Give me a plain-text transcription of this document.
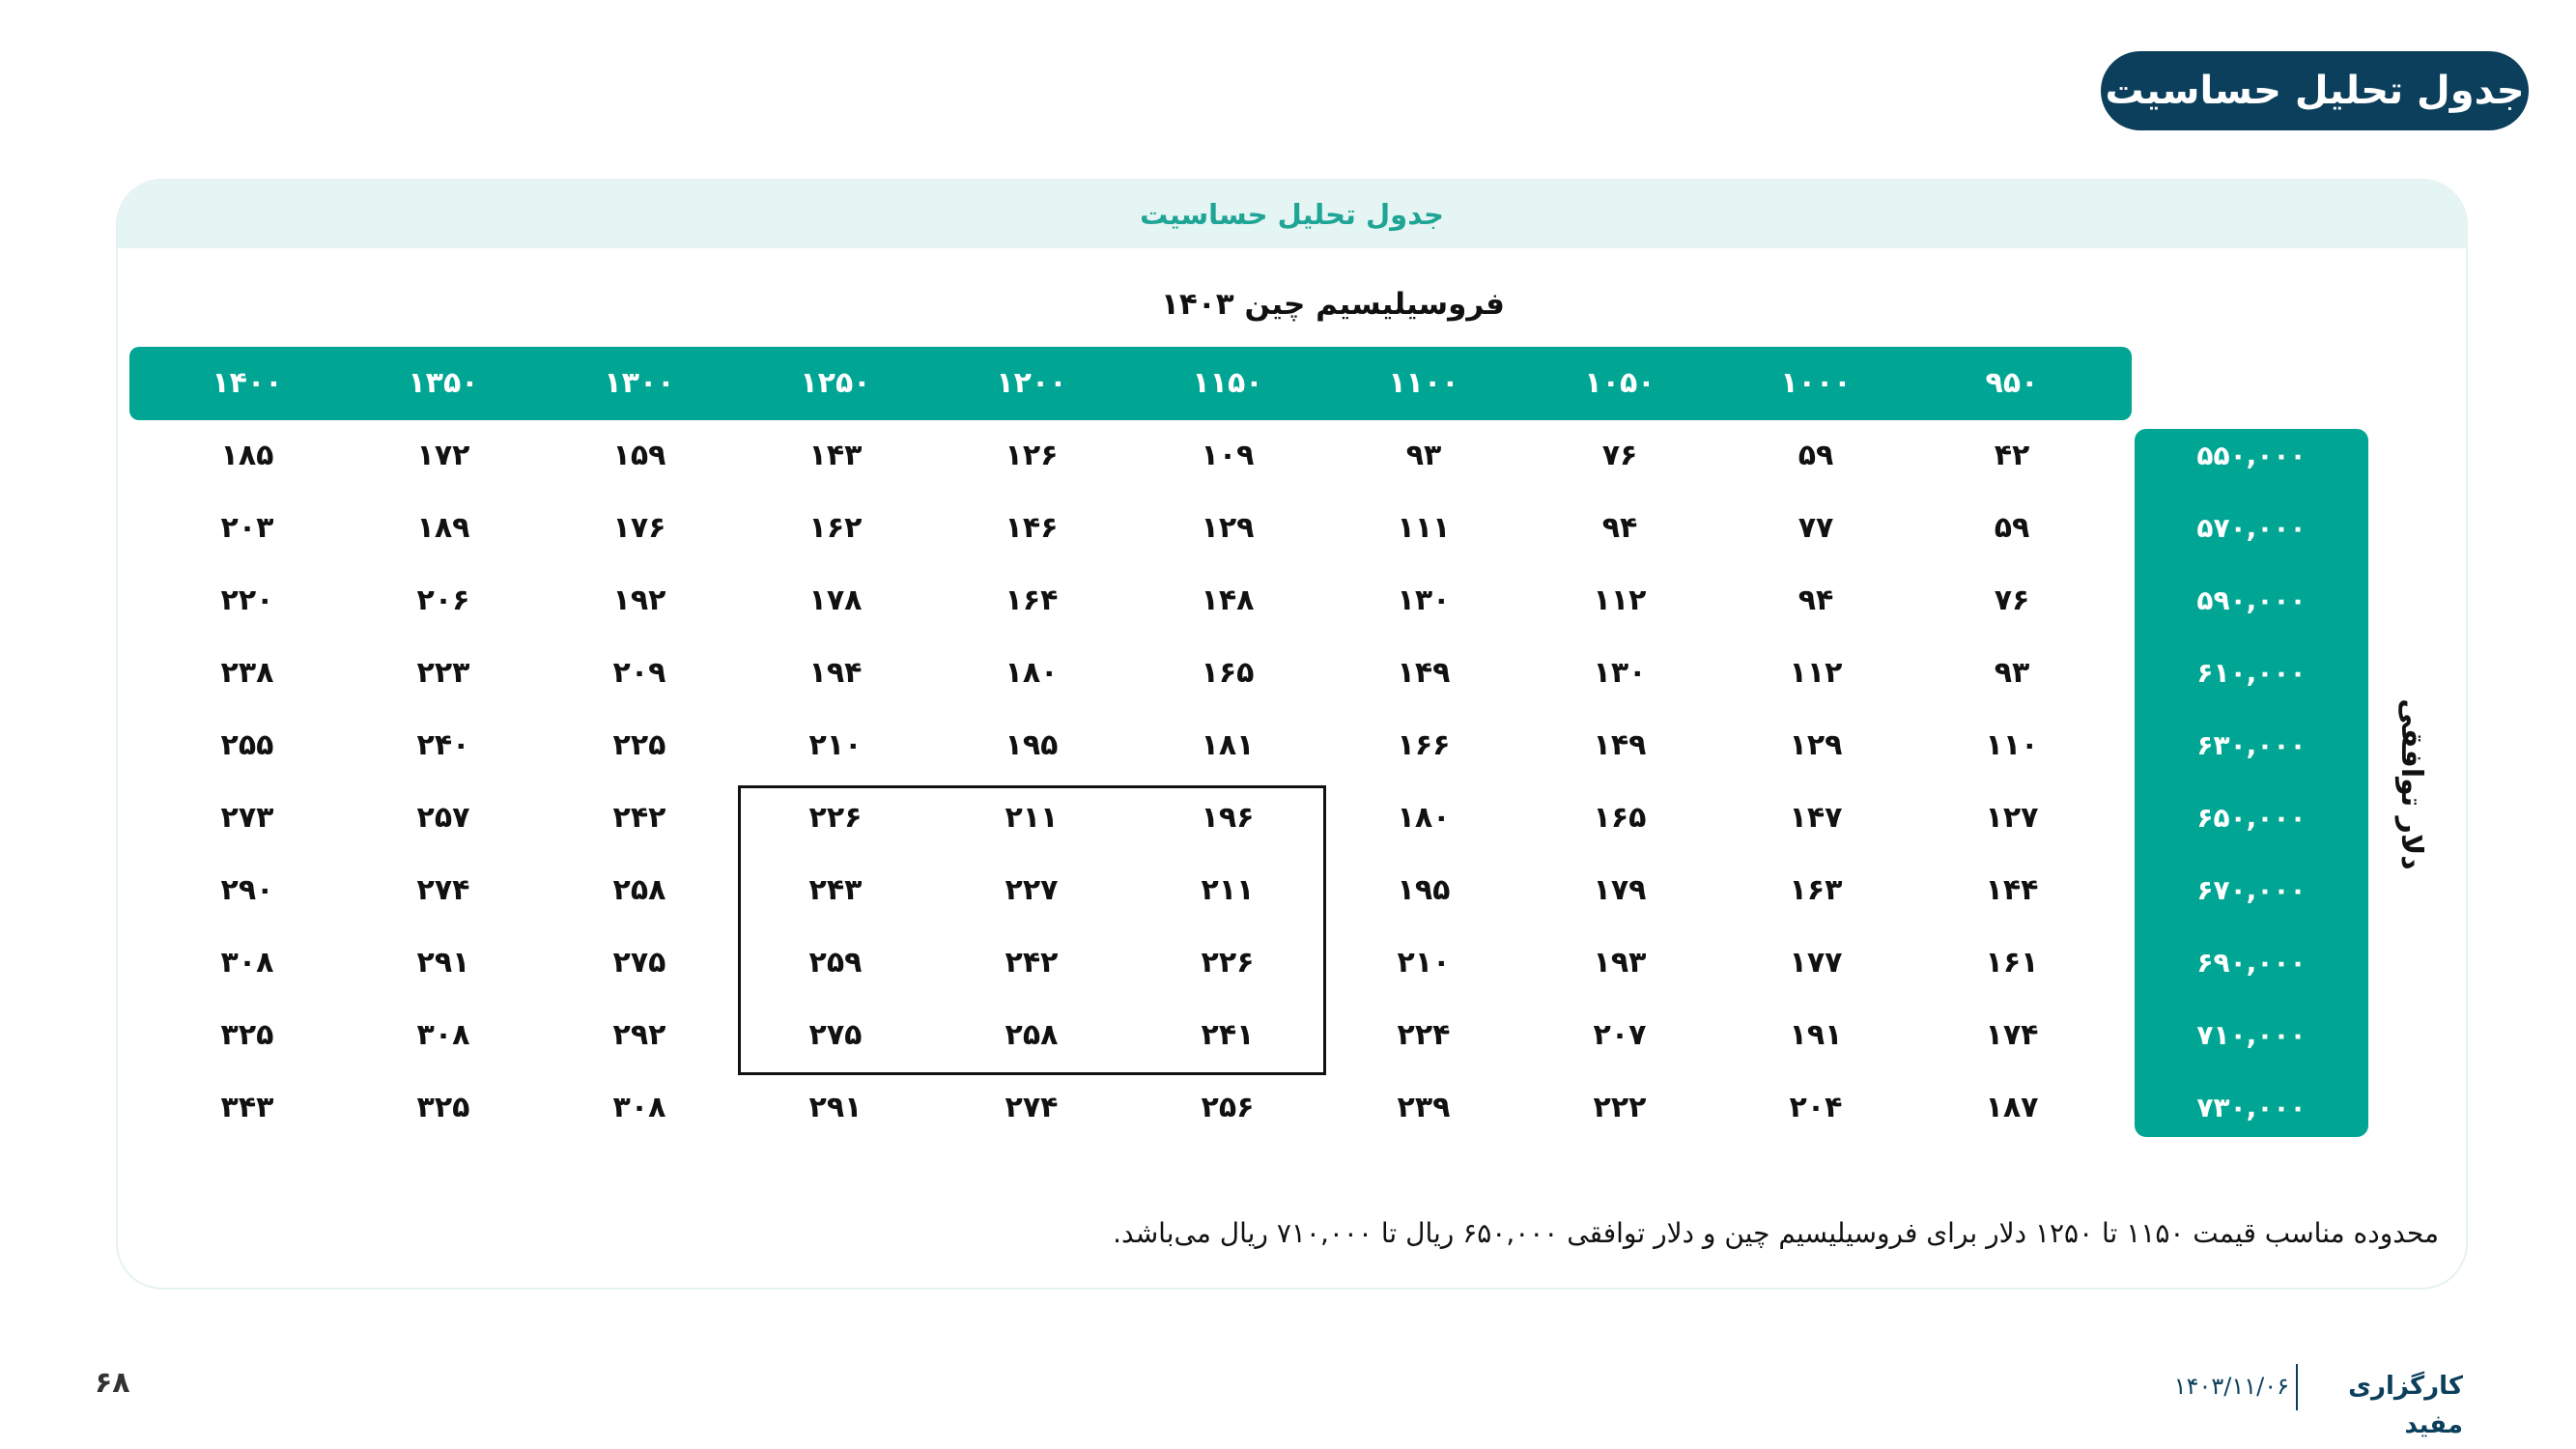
جدول تحلیل حساسیت
جدول تحلیل حساسیت
فروسیلیسیم چین ۱۴۰۳
۹۵۰
۱۰۰۰
۱۰۵۰
۱۱۰۰
۱۱۵۰
۱۲۰۰
۱۲۵۰
۱۳۰۰
۱۳۵۰
۱۴۰۰
۵۵۰,۰۰۰
۴۲
۵۹
۷۶
۹۳
۱۰۹
۱۲۶
۱۴۳
۱۵۹
۱۷۲
۱۸۵
۵۷۰,۰۰۰
۵۹
۷۷
۹۴
۱۱۱
۱۲۹
۱۴۶
۱۶۲
۱۷۶
۱۸۹
۲۰۳
۵۹۰,۰۰۰
۷۶
۹۴
۱۱۲
۱۳۰
۱۴۸
۱۶۴
۱۷۸
۱۹۲
۲۰۶
۲۲۰
۶۱۰,۰۰۰
۹۳
۱۱۲
۱۳۰
۱۴۹
۱۶۵
۱۸۰
۱۹۴
۲۰۹
۲۲۳
۲۳۸
۶۳۰,۰۰۰
۱۱۰
۱۲۹
۱۴۹
۱۶۶
۱۸۱
۱۹۵
۲۱۰
۲۲۵
۲۴۰
۲۵۵
۶۵۰,۰۰۰
۱۲۷
۱۴۷
۱۶۵
۱۸۰
۱۹۶
۲۱۱
۲۲۶
۲۴۲
۲۵۷
۲۷۳
۶۷۰,۰۰۰
۱۴۴
۱۶۳
۱۷۹
۱۹۵
۲۱۱
۲۲۷
۲۴۳
۲۵۸
۲۷۴
۲۹۰
۶۹۰,۰۰۰
۱۶۱
۱۷۷
۱۹۳
۲۱۰
۲۲۶
۲۴۲
۲۵۹
۲۷۵
۲۹۱
۳۰۸
۷۱۰,۰۰۰
۱۷۴
۱۹۱
۲۰۷
۲۲۴
۲۴۱
۲۵۸
۲۷۵
۲۹۲
۳۰۸
۳۲۵
۷۳۰,۰۰۰
۱۸۷
۲۰۴
۲۲۲
۲۳۹
۲۵۶
۲۷۴
۲۹۱
۳۰۸
۳۲۵
۳۴۳
دلار توافقی
محدوده مناسب قیمت ۱۱۵۰ تا ۱۲۵۰ دلار برای فروسیلیسیم چین و دلار توافقی ۶۵۰,۰۰۰ ریال تا ۷۱۰,۰۰۰ ریال می‌باشد.
کارگزاری مفید
۱۴۰۳/۱۱/۰۶
۶۸
